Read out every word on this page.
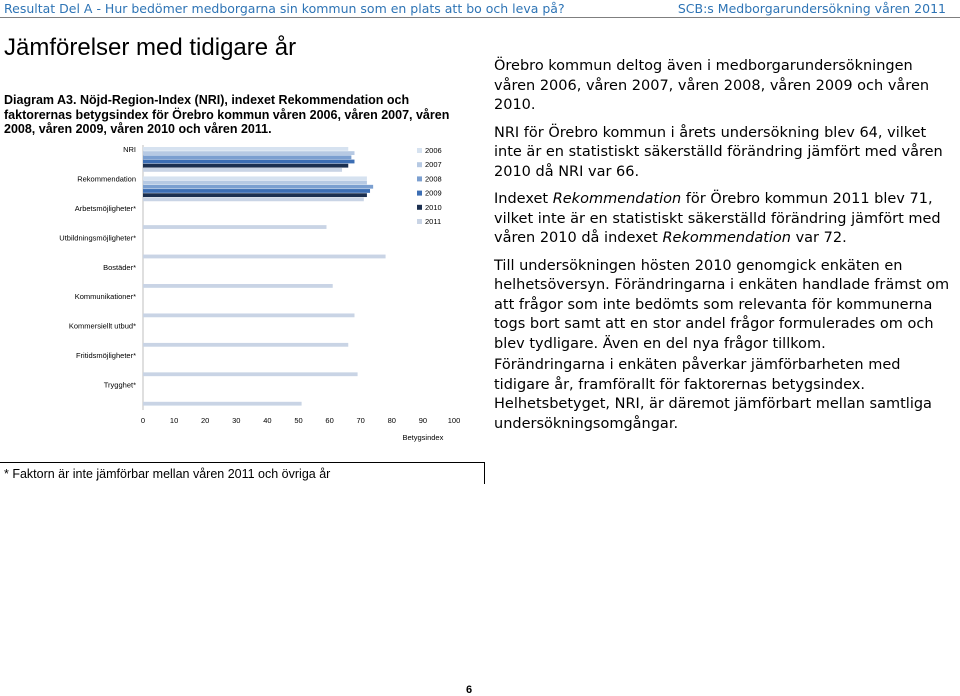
Resultat Del A - Hur bedömer medborgarna sin kommun som en plats att bo och leva på?	SCB:s Medborgarundersökning våren 2011
Jämförelser med tidigare år
Diagram A3. Nöjd-Region-Index (NRI), indexet Rekommendation och faktorernas betygsindex för Örebro kommun våren 2006, våren 2007, våren 2008, våren 2009, våren 2010 och våren 2011.
NRI
Rekommendation
Arbetsmöjligheter*
Utbildningsmöjligheter*
Bostäder*
Kommunikationer*
Kommersiellt utbud*
Fritidsmöjligheter*
Trygghet*
0	10	20	30	40	50	60	70	80	90	100
Betygsindex
2006
2007
2008
2009
2010
2011
* Faktorn är inte jämförbar mellan våren 2011 och övriga år

Örebro kommun deltog även i medborgarundersökningen våren 2006, våren 2007, våren 2008, våren 2009 och våren 2010.

NRI för Örebro kommun i årets undersökning blev 64, vilket inte är en statistiskt säkerställd förändring jämfört med våren 2010 då NRI var 66.

Indexet Rekommendation för Örebro kommun 2011 blev 71, vilket inte är en statistiskt säkerställd förändring jämfört med våren 2010 då indexet Rekommendation var 72.

Till undersökningen hösten 2010 genomgick enkäten en helhetsöversyn. Förändringarna i enkäten handlade främst om att frågor som inte bedömts som relevanta för kommunerna togs bort samt att en stor andel frågor formulerades om och blev tydligare. Även en del nya frågor tillkom.

Förändringarna i enkäten påverkar jämförbarheten med tidigare år, framförallt för faktorernas betygsindex. Helhetsbetyget, NRI, är däremot jämförbart mellan samtliga undersökningsomgångar.

6
